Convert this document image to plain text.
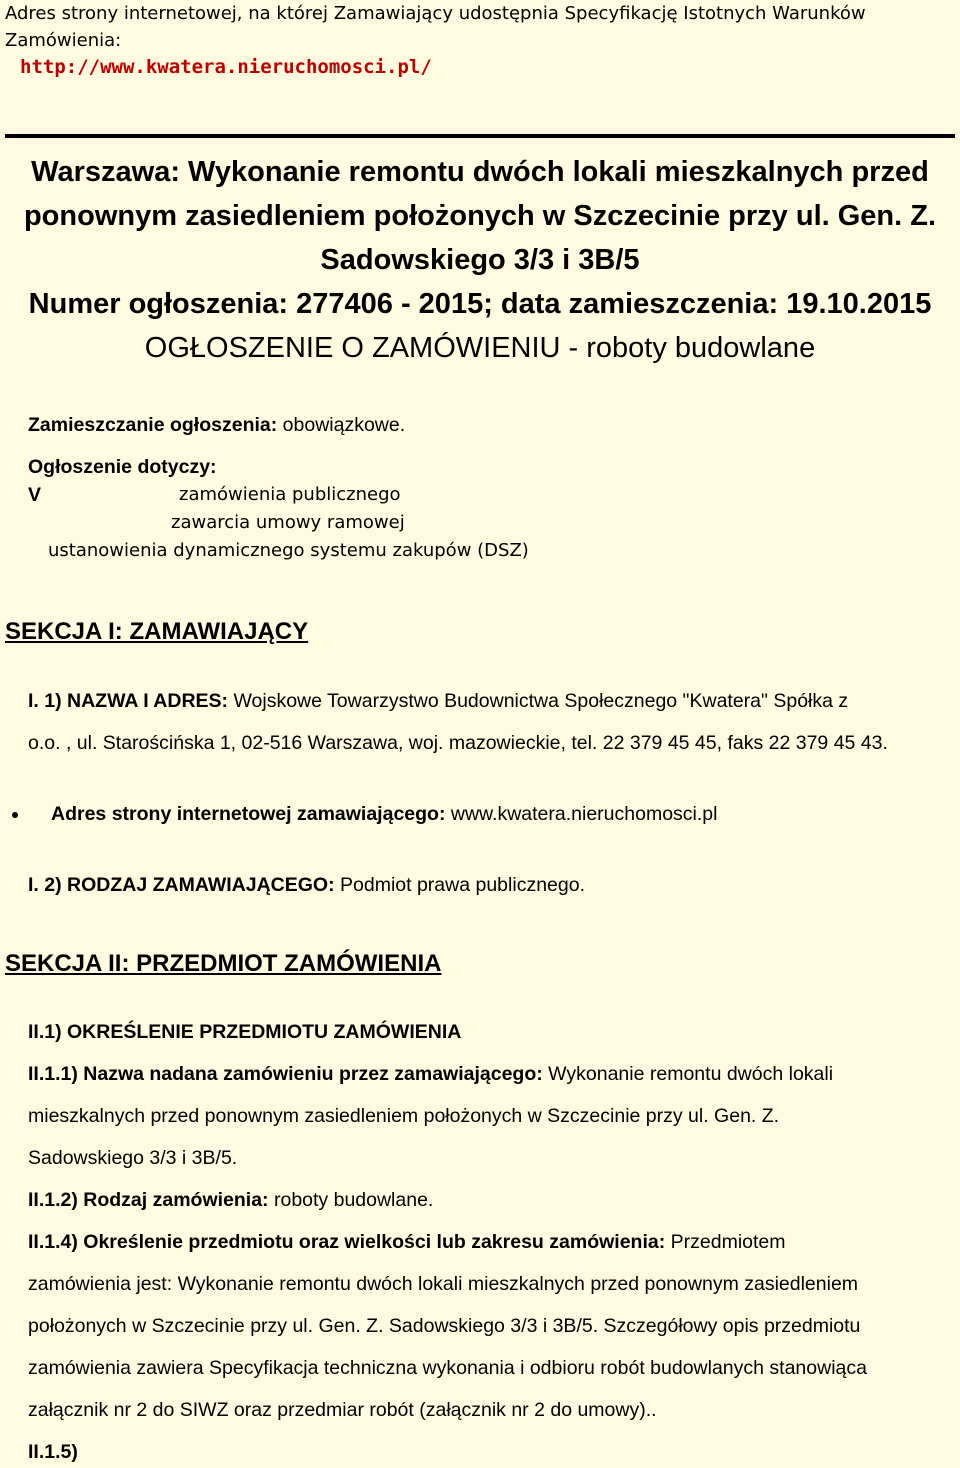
Adres strony internetowej, na której Zamawiający udostępnia Specyfikację Istotnych Warunków
Zamówienia:
http://www.kwatera.nieruchomosci.pl/
Warszawa: Wykonanie remontu dwóch lokali mieszkalnych przed
ponownym zasiedleniem położonych w Szczecinie przy ul. Gen. Z.
Sadowskiego 3/3 i 3B/5
Numer ogłoszenia: 277406 - 2015; data zamieszczenia: 19.10.2015
OGŁOSZENIE O ZAMÓWIENIU - roboty budowlane
Zamieszczanie ogłoszenia: obowiązkowe.
Ogłoszenie dotyczy:
V	zamówienia publicznego
zawarcia umowy ramowej
ustanowienia dynamicznego systemu zakupów (DSZ)
SEKCJA I: ZAMAWIAJĄCY
I. 1) NAZWA I ADRES: Wojskowe Towarzystwo Budownictwa Społecznego "Kwatera" Spółka z
o.o. , ul. Starościńska 1, 02-516 Warszawa, woj. mazowieckie, tel. 22 379 45 45, faks 22 379 45 43.
Adres strony internetowej zamawiającego: www.kwatera.nieruchomosci.pl
I. 2) RODZAJ ZAMAWIAJĄCEGO: Podmiot prawa publicznego.
SEKCJA II: PRZEDMIOT ZAMÓWIENIA
II.1) OKREŚLENIE PRZEDMIOTU ZAMÓWIENIA
II.1.1) Nazwa nadana zamówieniu przez zamawiającego: Wykonanie remontu dwóch lokali
mieszkalnych przed ponownym zasiedleniem położonych w Szczecinie przy ul. Gen. Z.
Sadowskiego 3/3 i 3B/5.
II.1.2) Rodzaj zamówienia: roboty budowlane.
II.1.4) Określenie przedmiotu oraz wielkości lub zakresu zamówienia: Przedmiotem
zamówienia jest: Wykonanie remontu dwóch lokali mieszkalnych przed ponownym zasiedleniem
położonych w Szczecinie przy ul. Gen. Z. Sadowskiego 3/3 i 3B/5. Szczegółowy opis przedmiotu
zamówienia zawiera Specyfikacja techniczna wykonania i odbioru robót budowlanych stanowiąca
załącznik nr 2 do SIWZ oraz przedmiar robót (załącznik nr 2 do umowy)..
II.1.5)
